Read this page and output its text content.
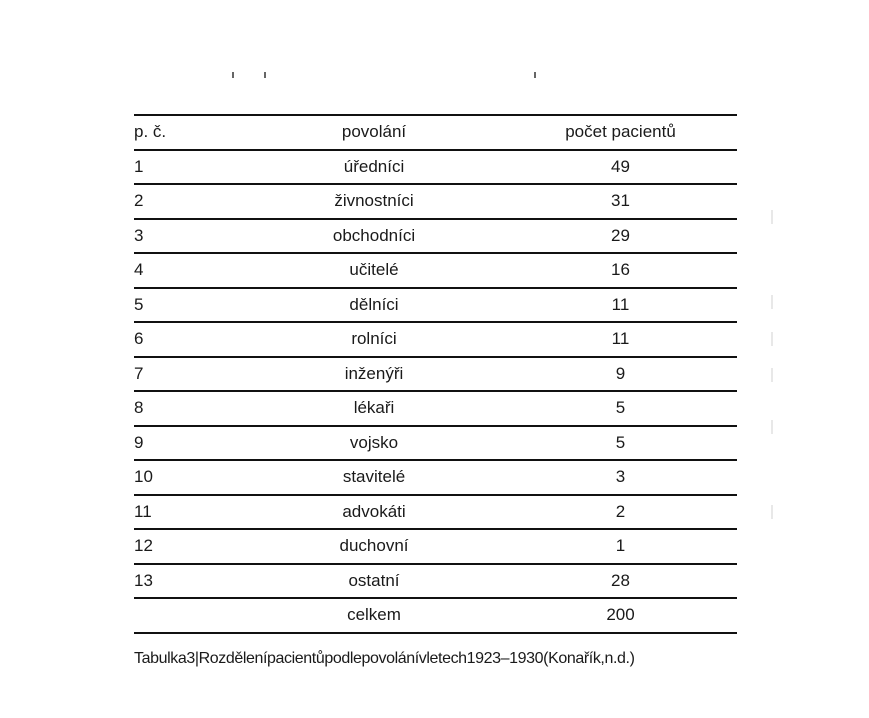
p. č.	povolání	počet pacientů
1	úředníci	49
2	živnostníci	31
3	obchodníci	29
4	učitelé	16
5	dělníci	11
6	rolníci	11
7	inženýři	9
8	lékaři	5
9	vojsko	5
10	stavitelé	3
11	advokáti	2
12	duchovní	1
13	ostatní	28
	celkem	200
Tabulka3|Rozdělenípacientůpodlepovolánívletech1923–1930(Konařík,n.d.)
